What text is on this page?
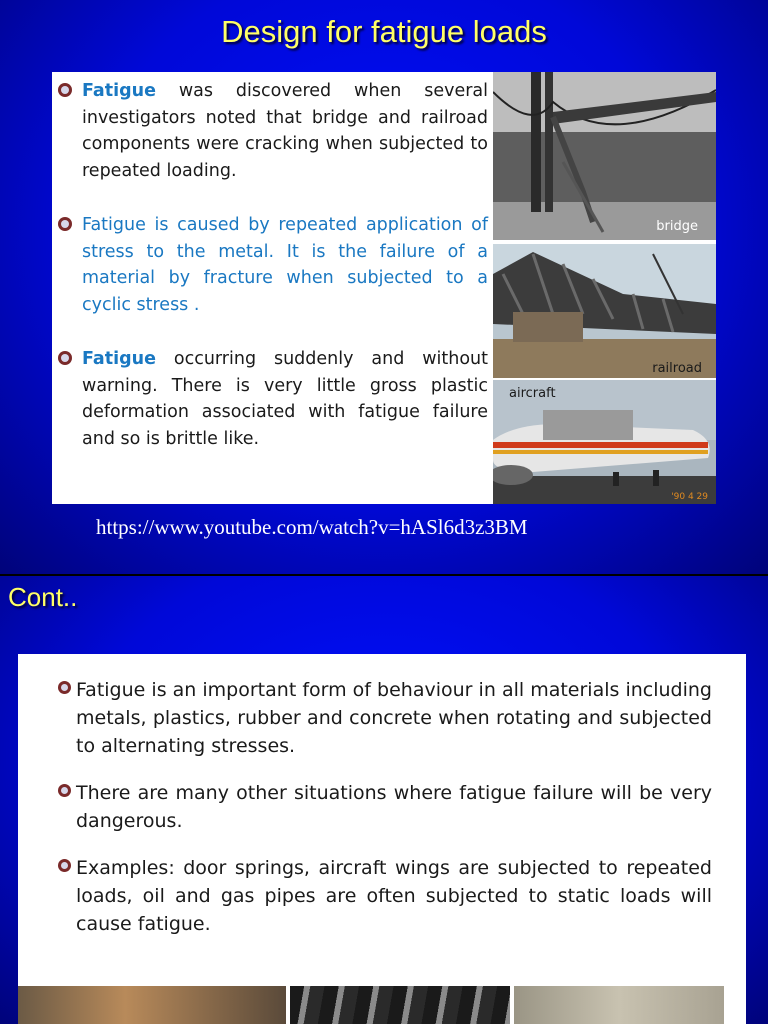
Design for fatigue loads

Fatigue was discovered when several investigators noted that bridge and railroad components were cracking when subjected to repeated loading.

Fatigue is caused by repeated application of stress to the metal. It is the failure of a material by fracture when subjected to a cyclic stress .

Fatigue occurring suddenly and without warning. There is very little gross plastic deformation associated with fatigue failure and so is brittle like.

bridge
railroad
aircraft
'90 4 29
https://www.youtube.com/watch?v=hASl6d3z3BM
Cont..

Fatigue is an important form of behaviour in all materials including metals, plastics, rubber and concrete when rotating and subjected to alternating stresses.

There are many other situations where fatigue failure will be very dangerous.

Examples: door springs, aircraft wings are subjected to repeated loads, oil and gas pipes are often subjected to static loads will cause fatigue.
